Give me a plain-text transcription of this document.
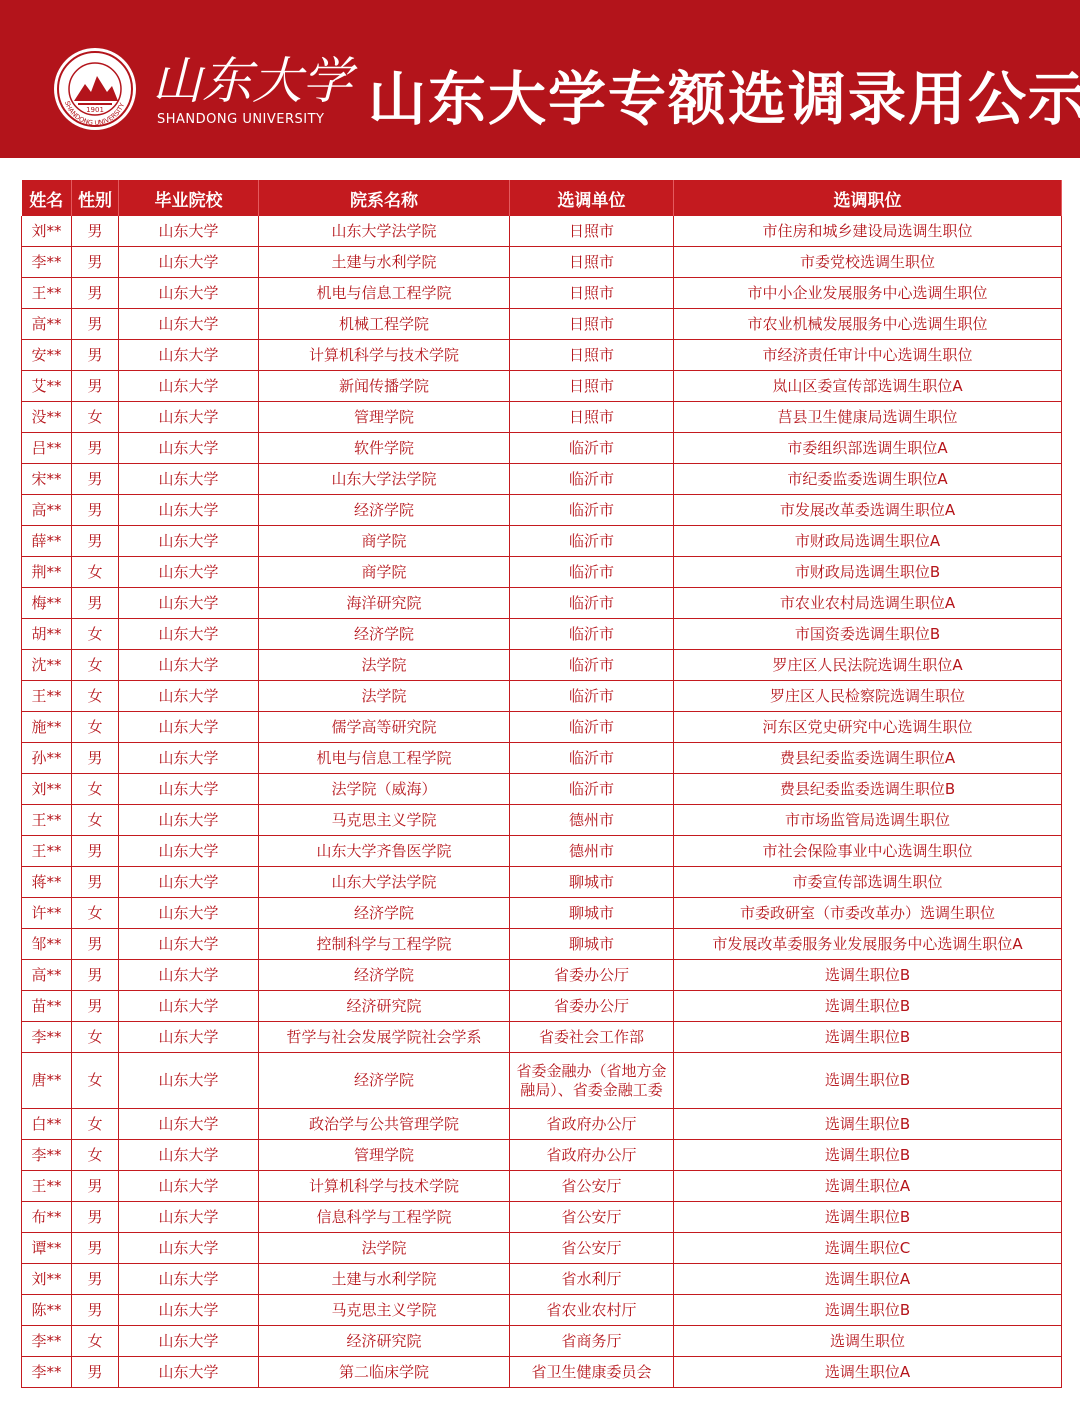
1901
SHANDONG UNIVERSITY 山东大学
SHANDONG UNIVERSITY 山东大学专额选调录用公示
姓名	性别	毕业院校	院系名称	选调单位	选调职位
刘**	男	山东大学	山东大学法学院	日照市	市住房和城乡建设局选调生职位
李**	男	山东大学	土建与水利学院	日照市	市委党校选调生职位
王**	男	山东大学	机电与信息工程学院	日照市	市中小企业发展服务中心选调生职位
高**	男	山东大学	机械工程学院	日照市	市农业机械发展服务中心选调生职位
安**	男	山东大学	计算机科学与技术学院	日照市	市经济责任审计中心选调生职位
艾**	男	山东大学	新闻传播学院	日照市	岚山区委宣传部选调生职位A
没**	女	山东大学	管理学院	日照市	莒县卫生健康局选调生职位
吕**	男	山东大学	软件学院	临沂市	市委组织部选调生职位A
宋**	男	山东大学	山东大学法学院	临沂市	市纪委监委选调生职位A
高**	男	山东大学	经济学院	临沂市	市发展改革委选调生职位A
薛**	男	山东大学	商学院	临沂市	市财政局选调生职位A
荆**	女	山东大学	商学院	临沂市	市财政局选调生职位B
梅**	男	山东大学	海洋研究院	临沂市	市农业农村局选调生职位A
胡**	女	山东大学	经济学院	临沂市	市国资委选调生职位B
沈**	女	山东大学	法学院	临沂市	罗庄区人民法院选调生职位A
王**	女	山东大学	法学院	临沂市	罗庄区人民检察院选调生职位
施**	女	山东大学	儒学高等研究院	临沂市	河东区党史研究中心选调生职位
孙**	男	山东大学	机电与信息工程学院	临沂市	费县纪委监委选调生职位A
刘**	女	山东大学	法学院（威海）	临沂市	费县纪委监委选调生职位B
王**	女	山东大学	马克思主义学院	德州市	市市场监管局选调生职位
王**	男	山东大学	山东大学齐鲁医学院	德州市	市社会保险事业中心选调生职位
蒋**	男	山东大学	山东大学法学院	聊城市	市委宣传部选调生职位
许**	女	山东大学	经济学院	聊城市	市委政研室（市委改革办）选调生职位
邹**	男	山东大学	控制科学与工程学院	聊城市	市发展改革委服务业发展服务中心选调生职位A

高**	男	山东大学	经济学院	省委办公厅	选调生职位B
苗**	男	山东大学	经济研究院	省委办公厅	选调生职位B
李**	女	山东大学	哲学与社会发展学院社会学系	省委社会工作部	选调生职位B
唐**	女	山东大学	经济学院	省委金融办（省地方金融局）、省委金融工委	选调生职位B
白**	女	山东大学	政治学与公共管理学院	省政府办公厅	选调生职位B
李**	女	山东大学	管理学院	省政府办公厅	选调生职位B
王**	男	山东大学	计算机科学与技术学院	省公安厅	选调生职位A
布**	男	山东大学	信息科学与工程学院	省公安厅	选调生职位B
谭**	男	山东大学	法学院	省公安厅	选调生职位C
刘**	男	山东大学	土建与水利学院	省水利厅	选调生职位A
陈**	男	山东大学	马克思主义学院	省农业农村厅	选调生职位B
李**	女	山东大学	经济研究院	省商务厅	选调生职位
李**	男	山东大学	第二临床学院	省卫生健康委员会	选调生职位A
